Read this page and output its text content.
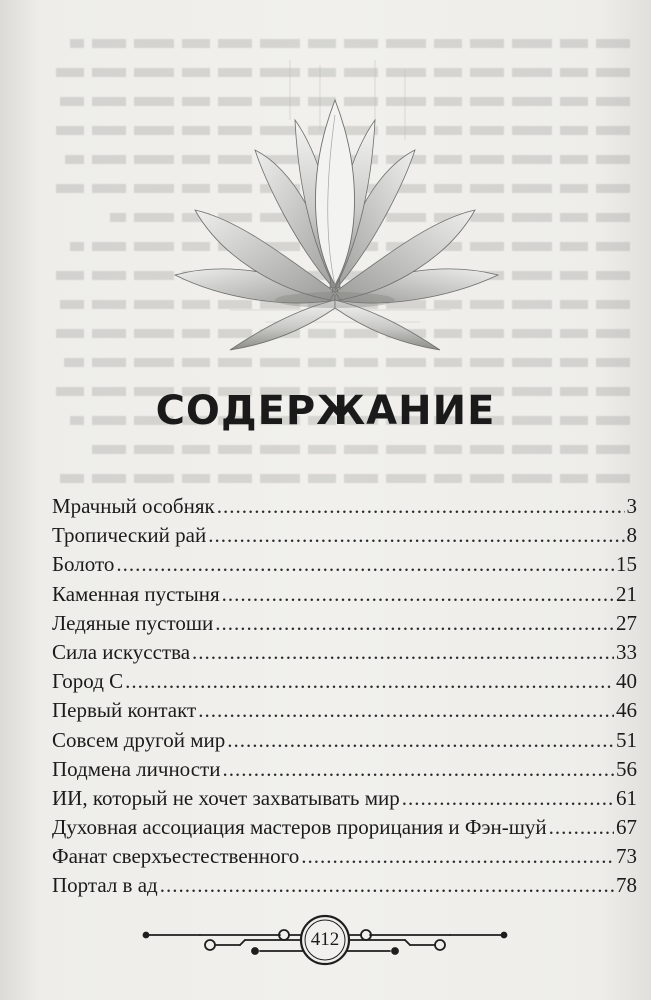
СОДЕРЖАНИЕ
Мрачный особняк .....	3
Тропический рай .....	8
Болото .....	15
Каменная пустыня .....	21
Ледяные пустоши .....	27
Сила искусства .....	33
Город С .....	40
Первый контакт .....	46
Совсем другой мир .....	51
Подмена личности .....	56
ИИ, который не хочет захватывать мир .....	61
Духовная ассоциация мастеров прорицания и Фэн-шуй .....	67
Фанат сверхъестественного .....	73
Портал в ад .....	78
412
